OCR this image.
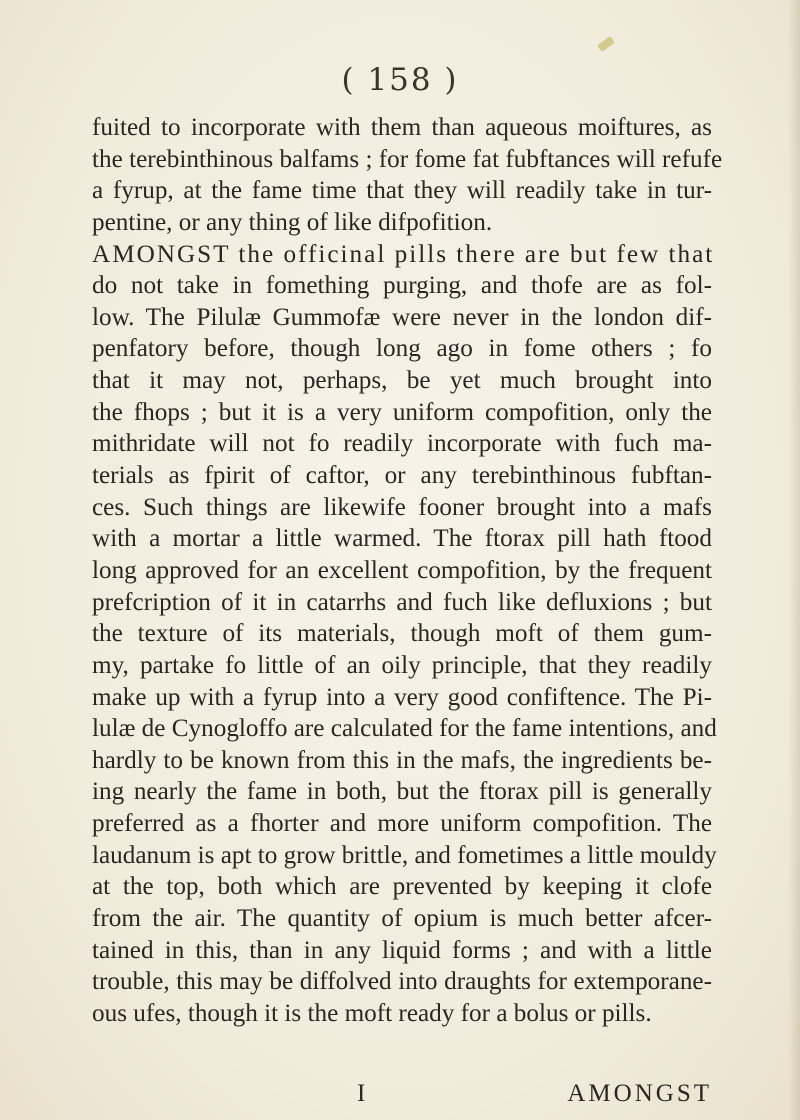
( 158 )
fuited to incorporate with them than aqueous moiftures, as
the terebinthinous balfams ; for fome fat fubftances will refufe
a fyrup, at the fame time that they will readily take in tur-
pentine, or any thing of like difpofition.
AMONGST the officinal pills there are but few that
do not take in fomething purging, and thofe are as fol-
low. The Pilulæ Gummofæ were never in the london dif-
penfatory before, though long ago in fome others ; fo
that it may not, perhaps, be yet much brought into
the fhops ; but it is a very uniform compofition, only the
mithridate will not fo readily incorporate with fuch ma-
terials as fpirit of caftor, or any terebinthinous fubftan-
ces. Such things are likewife fooner brought into a mafs
with a mortar a little warmed. The ftorax pill hath ftood
long approved for an excellent compofition, by the frequent
prefcription of it in catarrhs and fuch like defluxions ; but
the texture of its materials, though moft of them gum-
my, partake fo little of an oily principle, that they readily
make up with a fyrup into a very good confiftence. The Pi-
lulæ de Cynogloffo are calculated for the fame intentions, and
hardly to be known from this in the mafs, the ingredients be-
ing nearly the fame in both, but the ftorax pill is generally
preferred as a fhorter and more uniform compofition. The
laudanum is apt to grow brittle, and fometimes a little mouldy
at the top, both which are prevented by keeping it clofe
from the air. The quantity of opium is much better afcer-
tained in this, than in any liquid forms ; and with a little
trouble, this may be diffolved into draughts for extemporane-
ous ufes, though it is the moft ready for a bolus or pills.
I	AMONGST
